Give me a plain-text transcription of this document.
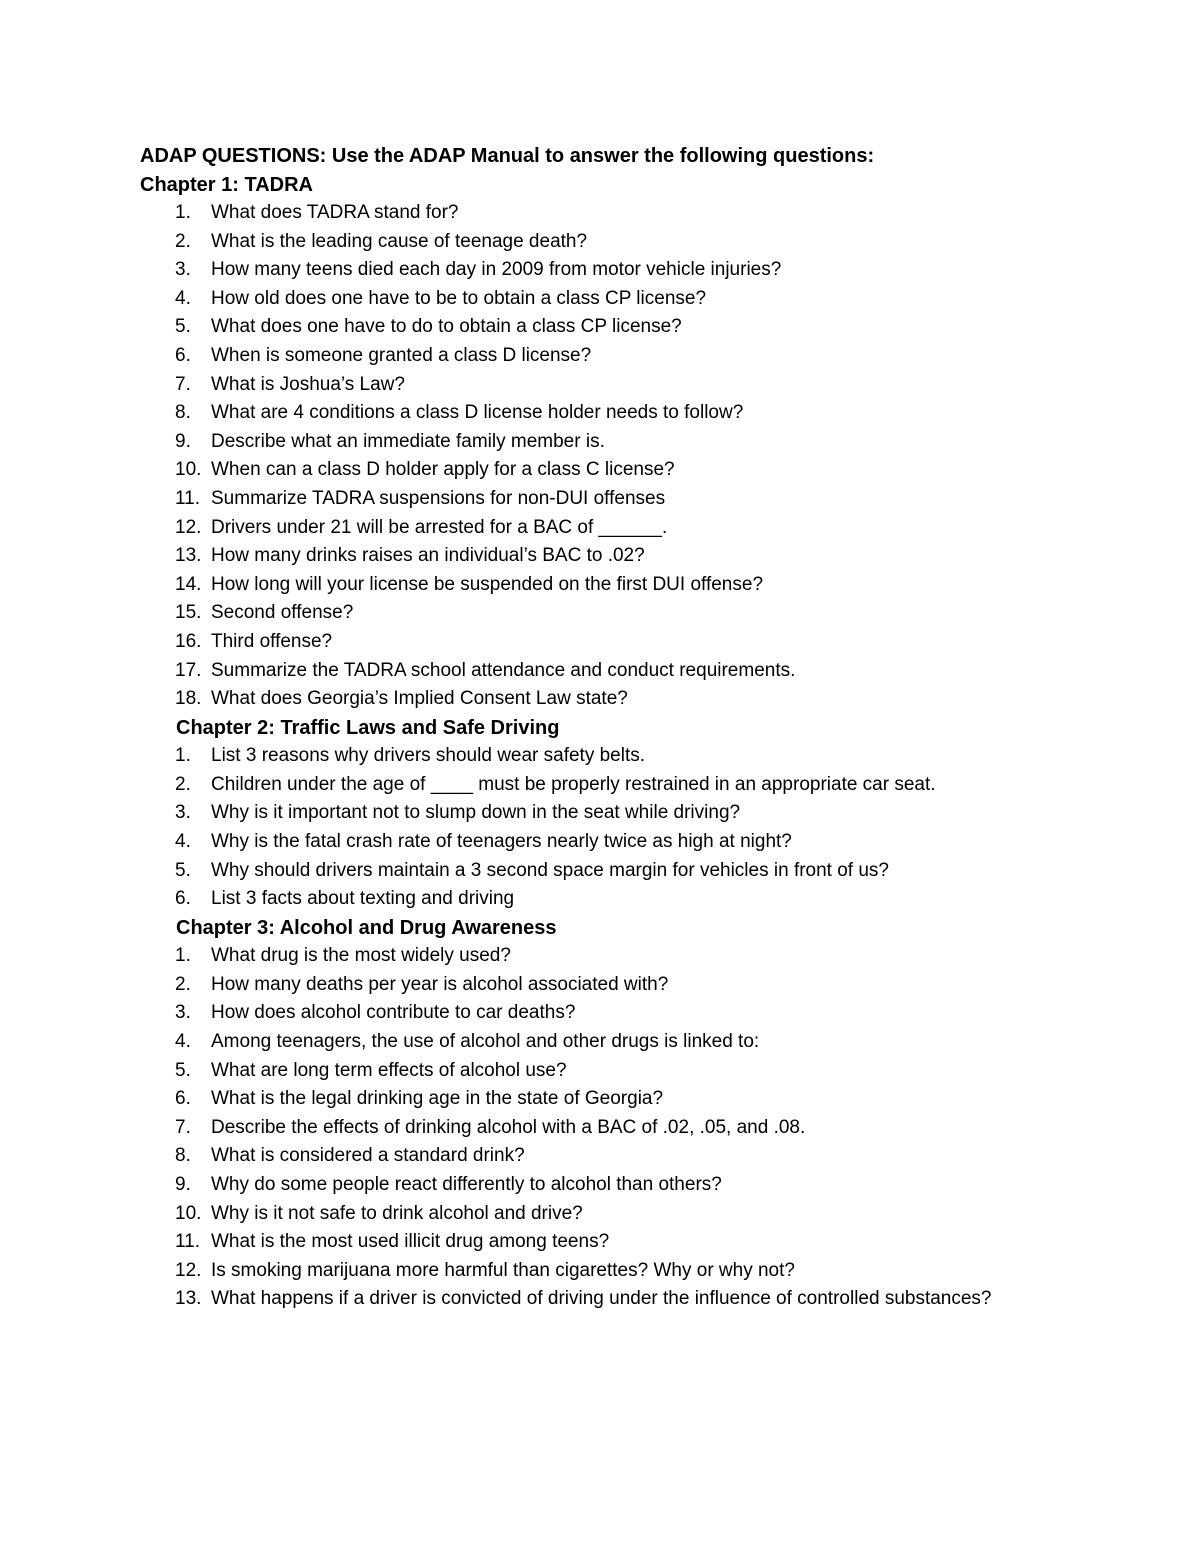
ADAP QUESTIONS: Use the ADAP Manual to answer the following questions:
Chapter 1: TADRA
1. What does TADRA stand for?
2. What is the leading cause of teenage death?
3. How many teens died each day in 2009 from motor vehicle injuries?
4. How old does one have to be to obtain a class CP license?
5. What does one have to do to obtain a class CP license?
6. When is someone granted a class D license?
7. What is Joshua’s Law?
8. What are 4 conditions a class D license holder needs to follow?
9. Describe what an immediate family member is.
10. When can a class D holder apply for a class C license?
11. Summarize TADRA suspensions for non-DUI offenses
12. Drivers under 21 will be arrested for a BAC of ______.
13. How many drinks raises an individual’s BAC to .02?
14. How long will your license be suspended on the first DUI offense?
15. Second offense?
16. Third offense?
17. Summarize the TADRA school attendance and conduct requirements.
18. What does Georgia’s Implied Consent Law state?
Chapter 2: Traffic Laws and Safe Driving
1. List 3 reasons why drivers should wear safety belts.
2. Children under the age of ____ must be properly restrained in an appropriate car seat.
3. Why is it important not to slump down in the seat while driving?
4. Why is the fatal crash rate of teenagers nearly twice as high at night?
5. Why should drivers maintain a 3 second space margin for vehicles in front of us?
6. List 3 facts about texting and driving
Chapter 3: Alcohol and Drug Awareness
1. What drug is the most widely used?
2. How many deaths per year is alcohol associated with?
3. How does alcohol contribute to car deaths?
4. Among teenagers, the use of alcohol and other drugs is linked to:
5. What are long term effects of alcohol use?
6. What is the legal drinking age in the state of Georgia?
7. Describe the effects of drinking alcohol with a BAC of .02, .05, and .08.
8. What is considered a standard drink?
9. Why do some people react differently to alcohol than others?
10. Why is it not safe to drink alcohol and drive?
11. What is the most used illicit drug among teens?
12. Is smoking marijuana more harmful than cigarettes? Why or why not?
13. What happens if a driver is convicted of driving under the influence of controlled substances?
